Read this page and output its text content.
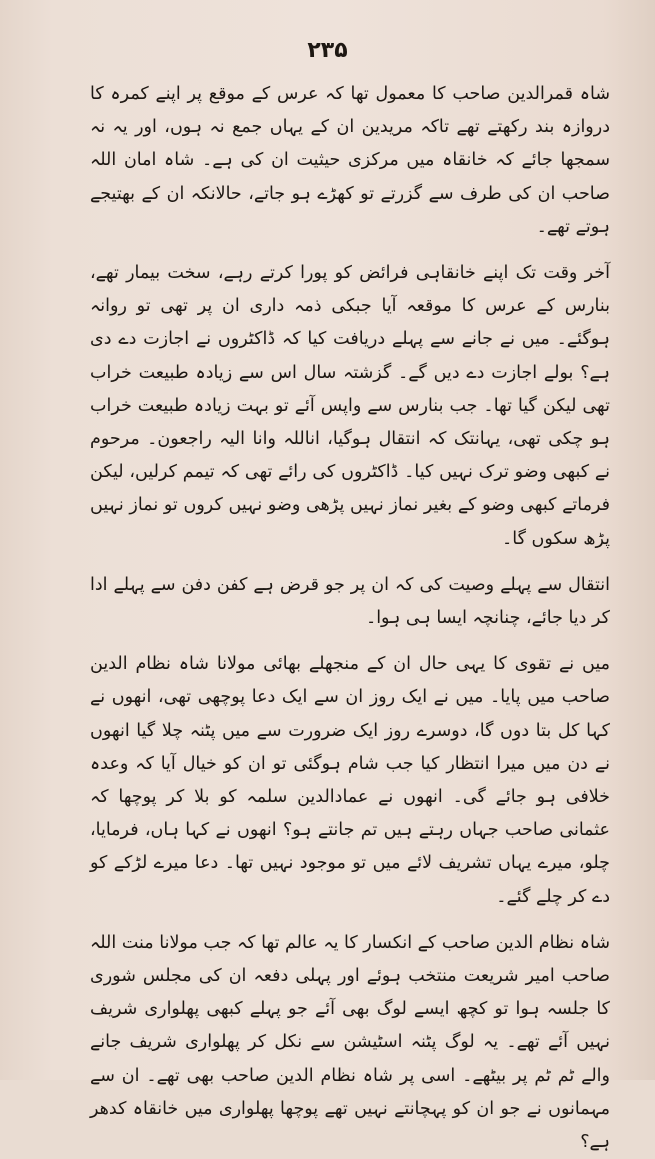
۲۳۵

شاہ قمرالدین صاحب کا معمول تھا کہ عرس کے موقع پر اپنے کمرہ کا دروازہ بند رکھتے تھے تاکہ مریدین ان کے یہاں جمع نہ ہوں، اور یہ نہ سمجھا جائے کہ خانقاہ میں مرکزی حیثیت ان کی ہے۔ شاہ امان اللہ صاحب ان کی طرف سے گزرتے تو کھڑے ہو جاتے، حالانکہ ان کے بھتیجے ہوتے تھے۔

آخر وقت تک اپنے خانقاہی فرائض کو پورا کرتے رہے، سخت بیمار تھے، بنارس کے عرس کا موقعہ آیا جبکی ذمہ داری ان پر تھی تو روانہ ہوگئے۔ میں نے جانے سے پہلے دریافت کیا کہ ڈاکٹروں نے اجازت دے دی ہے؟ بولے اجازت دے دیں گے۔ گزشتہ سال اس سے زیادہ طبیعت خراب تھی لیکن گیا تھا۔ جب بنارس سے واپس آئے تو بہت زیادہ طبیعت خراب ہو چکی تھی، یہانتک کہ انتقال ہوگیا، اناللہ وانا الیہ راجعون۔ مرحوم نے کبھی وضو ترک نہیں کیا۔ ڈاکٹروں کی رائے تھی کہ تیمم کرلیں، لیکن فرماتے کبھی وضو کے بغیر نماز نہیں پڑھی وضو نہیں کروں تو نماز نہیں پڑھ سکوں گا۔

انتقال سے پہلے وصیت کی کہ ان پر جو قرض ہے کفن دفن سے پہلے ادا کر دیا جائے، چنانچہ ایسا ہی ہوا۔

میں نے تقوی کا یہی حال ان کے منجھلے بھائی مولانا شاہ نظام الدین صاحب میں پایا۔ میں نے ایک روز ان سے ایک دعا پوچھی تھی، انھوں نے کہا کل بتا دوں گا، دوسرے روز ایک ضرورت سے میں پٹنہ چلا گیا انھوں نے دن میں میرا انتظار کیا جب شام ہوگئی تو ان کو خیال آیا کہ وعدہ خلافی ہو جائے گی۔ انھوں نے عمادالدین سلمہ کو بلا کر پوچھا کہ عثمانی صاحب جہاں رہتے ہیں تم جانتے ہو؟ انھوں نے کہا ہاں، فرمایا، چلو، میرے یہاں تشریف لائے میں تو موجود نہیں تھا۔ دعا میرے لڑکے کو دے کر چلے گئے۔

شاہ نظام الدین صاحب کے انکسار کا یہ عالم تھا کہ جب مولانا منت اللہ صاحب امیر شریعت منتخب ہوئے اور پہلی دفعہ ان کی مجلس شوری کا جلسہ ہوا تو کچھ ایسے لوگ بھی آئے جو پہلے کبھی پھلواری شریف نہیں آئے تھے۔ یہ لوگ پٹنہ اسٹیشن سے نکل کر پھلواری شریف جانے والے ٹم ٹم پر بیٹھے۔ اسی پر شاہ نظام الدین صاحب بھی تھے۔ ان سے مہمانوں نے جو ان کو پہچانتے نہیں تھے پوچھا پھلواری میں خانقاہ کدھر ہے؟
